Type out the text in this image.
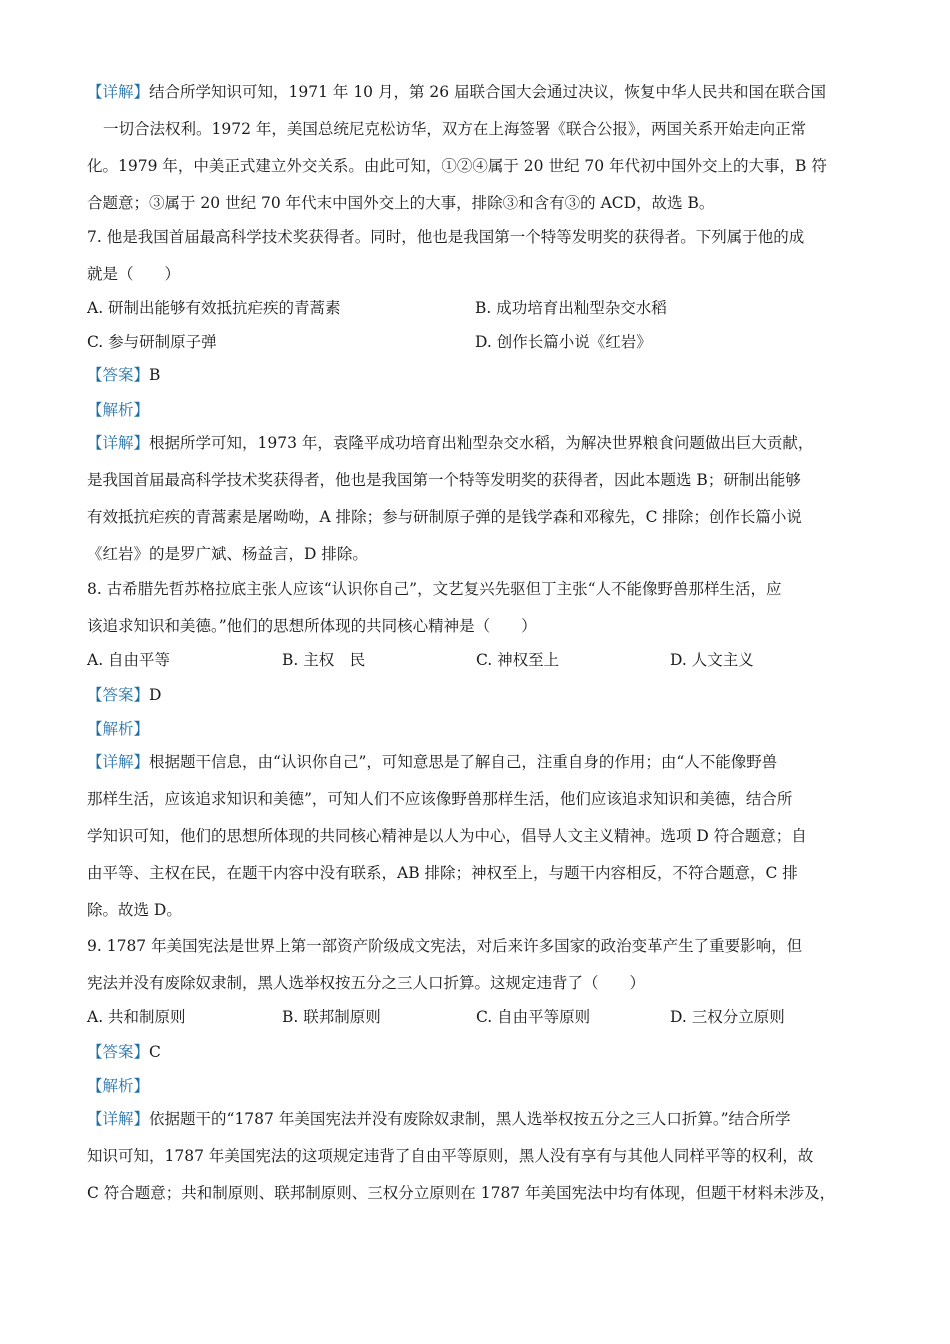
【详解】结合所学知识可知，1971 年 10 月，第 26 届联合国大会通过决议，恢复中华人民共和国在联合国
一切合法权利。1972 年，美国总统尼克松访华，双方在上海签署《联合公报》，两国关系开始走向正常
化。1979 年，中美正式建立外交关系。由此可知，①②④属于 20 世纪 70 年代初中国外交上的大事，B 符
合题意；③属于 20 世纪 70 年代末中国外交上的大事，排除③和含有③的 ACD，故选 B。
7. 他是我国首届最高科学技术奖获得者。同时，他也是我国第一个特等发明奖的获得者。下列属于他的成
就是（　　）
A. 研制出能够有效抵抗疟疾的青蒿素	B. 成功培育出籼型杂交水稻
C. 参与研制原子弹	D. 创作长篇小说《红岩》
【答案】B
【解析】
【详解】根据所学可知，1973 年，袁隆平成功培育出籼型杂交水稻，为解决世界粮食问题做出巨大贡献，
是我国首届最高科学技术奖获得者，他也是我国第一个特等发明奖的获得者，因此本题选 B；研制出能够
有效抵抗疟疾的青蒿素是屠呦呦，A 排除；参与研制原子弹的是钱学森和邓稼先，C 排除；创作长篇小说
《红岩》的是罗广斌、杨益言，D 排除。
8. 古希腊先哲苏格拉底主张人应该“认识你自己”，文艺复兴先驱但丁主张“人不能像野兽那样生活，应
该追求知识和美德。”他们的思想所体现的共同核心精神是（　　）
A. 自由平等	B. 主权　民	C. 神权至上	D. 人文主义
【答案】D
【解析】
【详解】根据题干信息，由“认识你自己”，可知意思是了解自己，注重自身的作用；由“人不能像野兽
那样生活，应该追求知识和美德”，可知人们不应该像野兽那样生活，他们应该追求知识和美德，结合所
学知识可知，他们的思想所体现的共同核心精神是以人为中心，倡导人文主义精神。选项 D 符合题意；自
由平等、主权在民，在题干内容中没有联系，AB 排除；神权至上，与题干内容相反，不符合题意，C 排
除。故选 D。
9. 1787 年美国宪法是世界上第一部资产阶级成文宪法，对后来许多国家的政治变革产生了重要影响，但
宪法并没有废除奴隶制，黑人选举权按五分之三人口折算。这规定违背了（　　）
A. 共和制原则	B. 联邦制原则	C. 自由平等原则	D. 三权分立原则
【答案】C
【解析】
【详解】依据题干的“1787 年美国宪法并没有废除奴隶制，黑人选举权按五分之三人口折算。”结合所学
知识可知，1787 年美国宪法的这项规定违背了自由平等原则，黑人没有享有与其他人同样平等的权利，故
C 符合题意；共和制原则、联邦制原则、三权分立原则在 1787 年美国宪法中均有体现，但题干材料未涉及，
